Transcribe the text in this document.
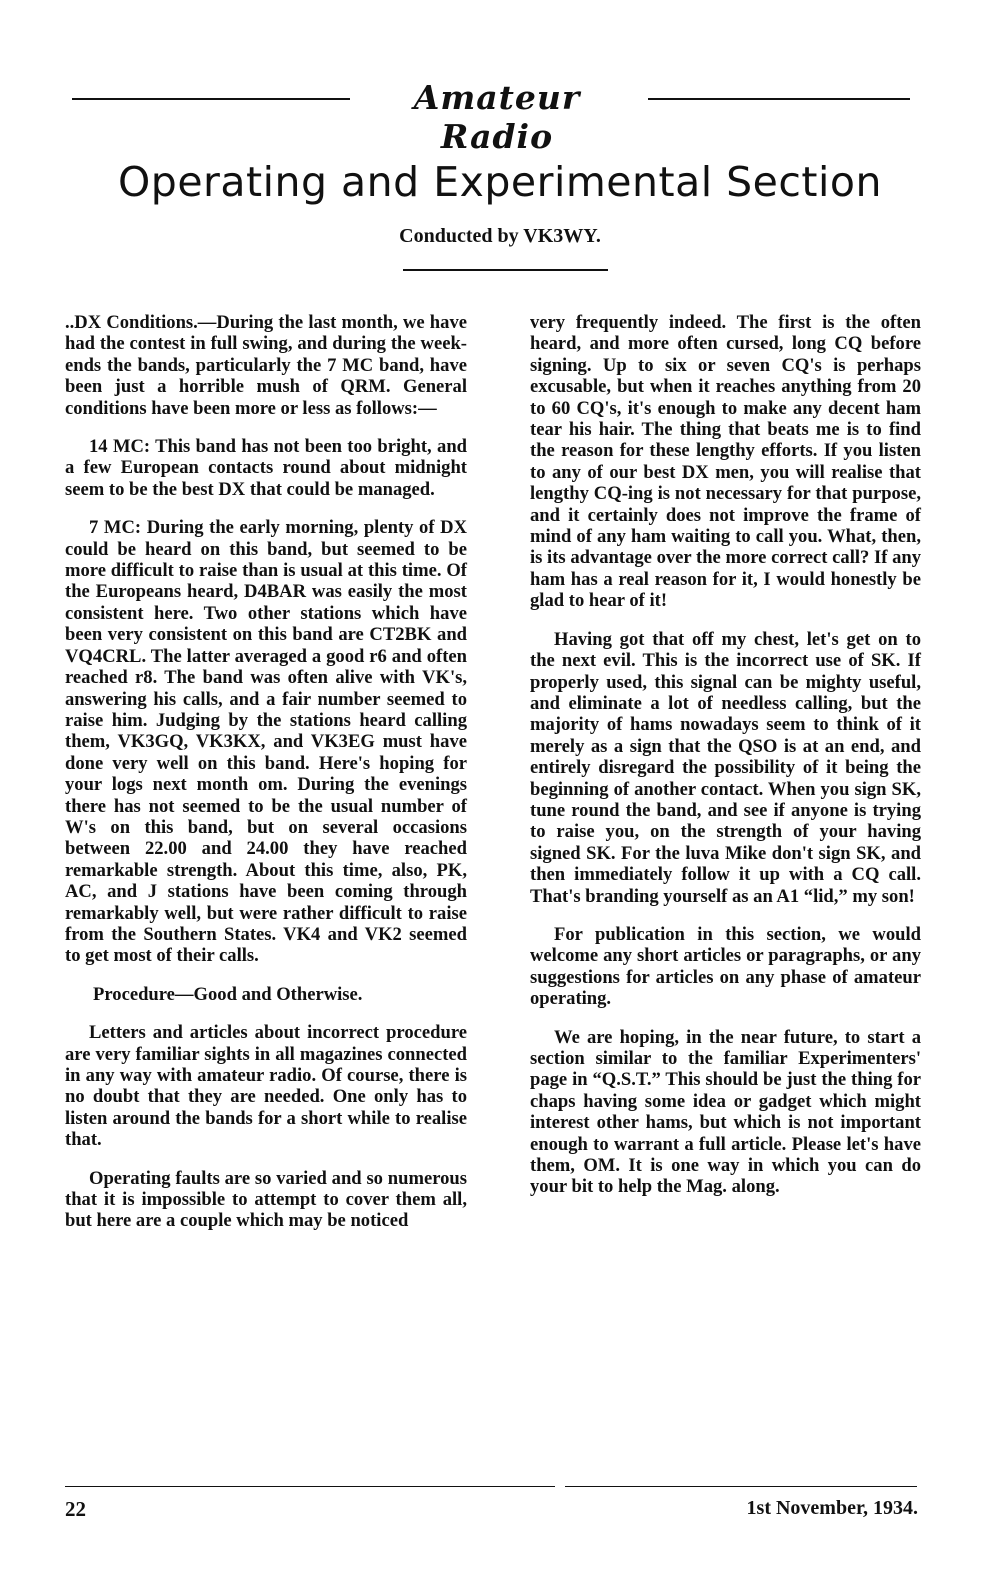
Amateur Radio
Operating and Experimental Section
Conducted by VK3WY.

..DX Conditions.—During the last month, we have had the contest in full swing, and during the week-ends the bands, particularly the 7 MC band, have been just a horrible mush of QRM. General conditions have been more or less as follows:—

14 MC: This band has not been too bright, and a few European contacts round about midnight seem to be the best DX that could be managed.

7 MC: During the early morning, plenty of DX could be heard on this band, but seemed to be more difficult to raise than is usual at this time. Of the Europeans heard, D4BAR was easily the most consistent here. Two other stations which have been very consistent on this band are CT2BK and VQ4CRL. The latter averaged a good r6 and often reached r8. The band was often alive with VK's, answering his calls, and a fair number seemed to raise him. Judging by the stations heard calling them, VK3GQ, VK3KX, and VK3EG must have done very well on this band. Here's hoping for your logs next month om. During the evenings there has not seemed to be the usual number of W's on this band, but on several occasions between 22.00 and 24.00 they have reached remarkable strength. About this time, also, PK, AC, and J stations have been coming through remarkably well, but were rather difficult to raise from the Southern States. VK4 and VK2 seemed to get most of their calls.

Procedure—Good and Otherwise.

Letters and articles about incorrect procedure are very familiar sights in all magazines connected in any way with amateur radio. Of course, there is no doubt that they are needed. One only has to listen around the bands for a short while to realise that.

Operating faults are so varied and so numerous that it is impossible to attempt to cover them all, but here are a couple which may be noticed

very frequently indeed. The first is the often heard, and more often cursed, long CQ before signing. Up to six or seven CQ's is perhaps excusable, but when it reaches anything from 20 to 60 CQ's, it's enough to make any decent ham tear his hair. The thing that beats me is to find the reason for these lengthy efforts. If you listen to any of our best DX men, you will realise that lengthy CQ-ing is not necessary for that purpose, and it certainly does not improve the frame of mind of any ham waiting to call you. What, then, is its advantage over the more correct call? If any ham has a real reason for it, I would honestly be glad to hear of it!

Having got that off my chest, let's get on to the next evil. This is the incorrect use of SK. If properly used, this signal can be mighty useful, and eliminate a lot of needless calling, but the majority of hams nowadays seem to think of it merely as a sign that the QSO is at an end, and entirely disregard the possibility of it being the beginning of another contact. When you sign SK, tune round the band, and see if anyone is trying to raise you, on the strength of your having signed SK. For the luva Mike don't sign SK, and then immediately follow it up with a CQ call. That's branding yourself as an A1 “lid,” my son!

For publication in this section, we would welcome any short articles or paragraphs, or any suggestions for articles on any phase of amateur operating.

We are hoping, in the near future, to start a section similar to the familiar Experimenters' page in “Q.S.T.” This should be just the thing for chaps having some idea or gadget which might interest other hams, but which is not important enough to warrant a full article. Please let's have them, OM. It is one way in which you can do your bit to help the Mag. along.

22	1st November, 1934.
